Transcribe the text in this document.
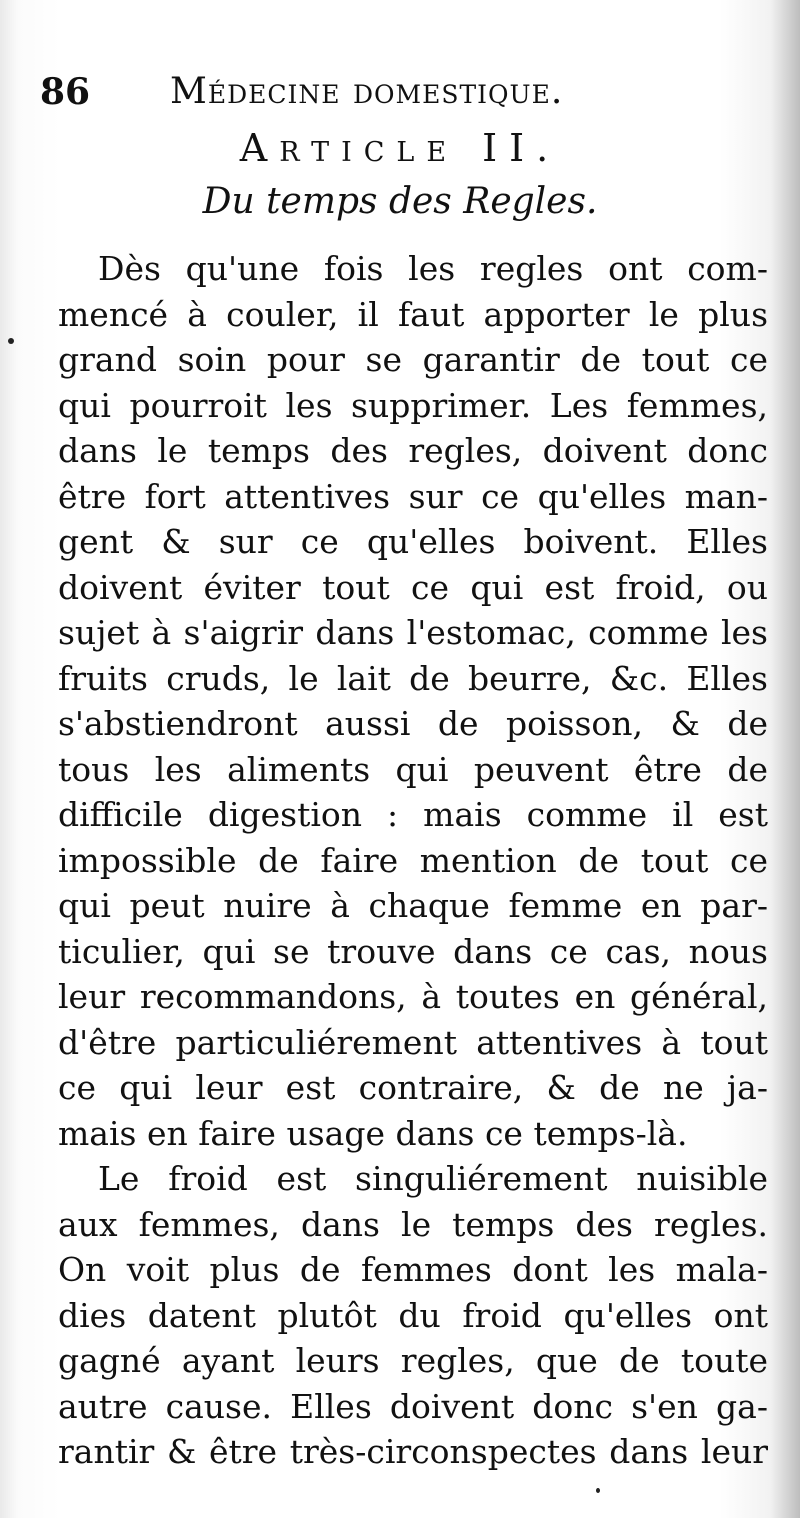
86 Médecine domestique.
Article II.
Du temps des Regles.
Dès qu'une fois les regles ont com-
mencé à couler, il faut apporter le plus
grand soin pour se garantir de tout ce
qui pourroit les supprimer. Les femmes,
dans le temps des regles, doivent donc
être fort attentives sur ce qu'elles man-
gent & sur ce qu'elles boivent. Elles
doivent éviter tout ce qui est froid, ou
sujet à s'aigrir dans l'estomac, comme les
fruits cruds, le lait de beurre, &c. Elles
s'abstiendront aussi de poisson, & de
tous les aliments qui peuvent être de
difficile digestion : mais comme il est
impossible de faire mention de tout ce
qui peut nuire à chaque femme en par-
ticulier, qui se trouve dans ce cas, nous
leur recommandons, à toutes en général,
d'être particuliérement attentives à tout
ce qui leur est contraire, & de ne ja-
mais en faire usage dans ce temps-là.
Le froid est singuliérement nuisible
aux femmes, dans le temps des regles.
On voit plus de femmes dont les mala-
dies datent plutôt du froid qu'elles ont
gagné ayant leurs regles, que de toute
autre cause. Elles doivent donc s'en ga-
rantir & être très-circonspectes dans leur
